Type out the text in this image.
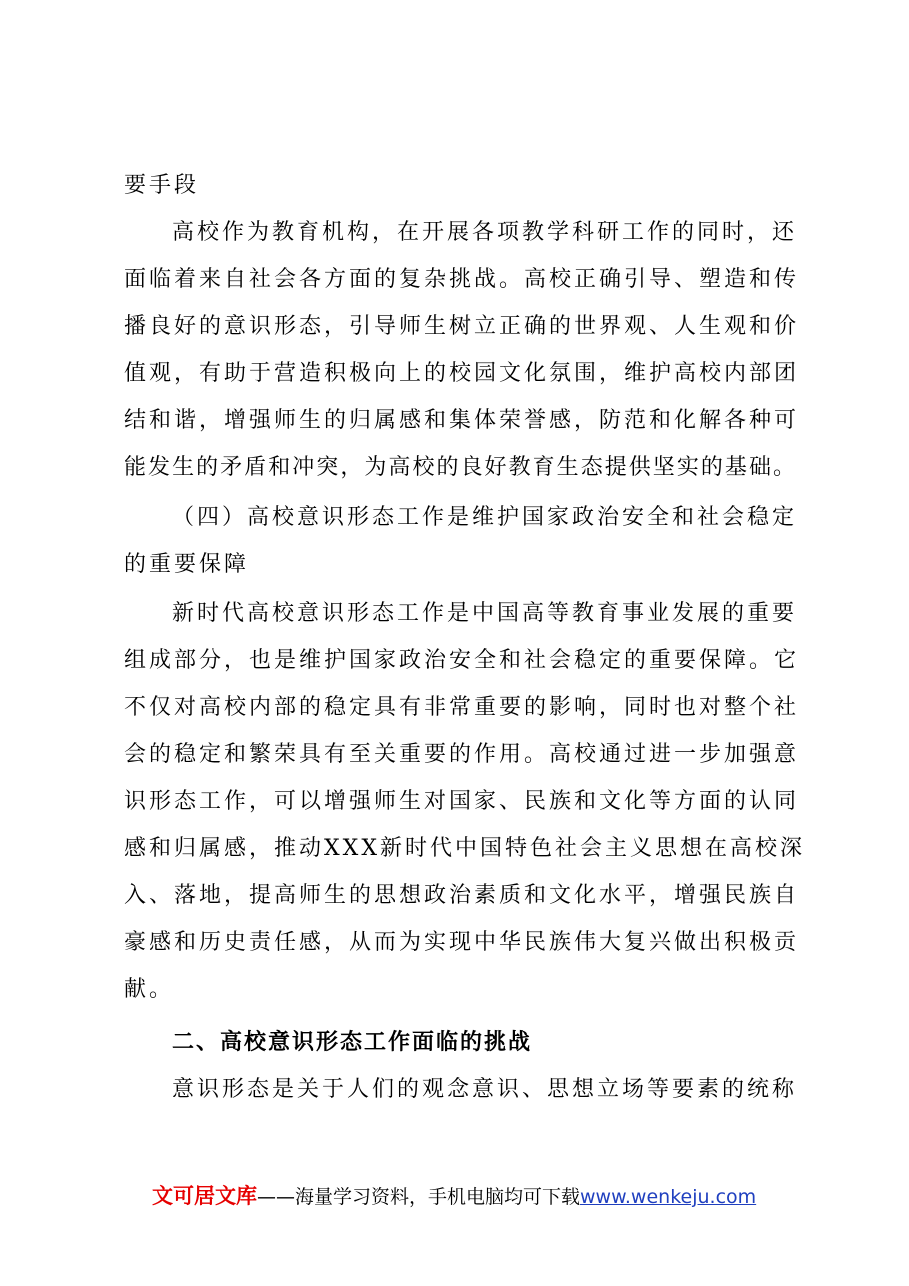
要手段
高校作为教育机构，在开展各项教学科研工作的同时，还
面临着来自社会各方面的复杂挑战。高校正确引导、塑造和传
播良好的意识形态，引导师生树立正确的世界观、人生观和价
值观，有助于营造积极向上的校园文化氛围，维护高校内部团
结和谐，增强师生的归属感和集体荣誉感，防范和化解各种可
能发生的矛盾和冲突，为高校的良好教育生态提供坚实的基础。
（四）高校意识形态工作是维护国家政治安全和社会稳定
的重要保障
新时代高校意识形态工作是中国高等教育事业发展的重要
组成部分，也是维护国家政治安全和社会稳定的重要保障。它
不仅对高校内部的稳定具有非常重要的影响，同时也对整个社
会的稳定和繁荣具有至关重要的作用。高校通过进一步加强意
识形态工作，可以增强师生对国家、民族和文化等方面的认同
感和归属感，推动XXX新时代中国特色社会主义思想在高校深
入、落地，提高师生的思想政治素质和文化水平，增强民族自
豪感和历史责任感，从而为实现中华民族伟大复兴做出积极贡
献。
二、高校意识形态工作面临的挑战
意识形态是关于人们的观念意识、思想立场等要素的统称
文可居文库——海量学习资料，手机电脑均可下载www.wenkeju.com
